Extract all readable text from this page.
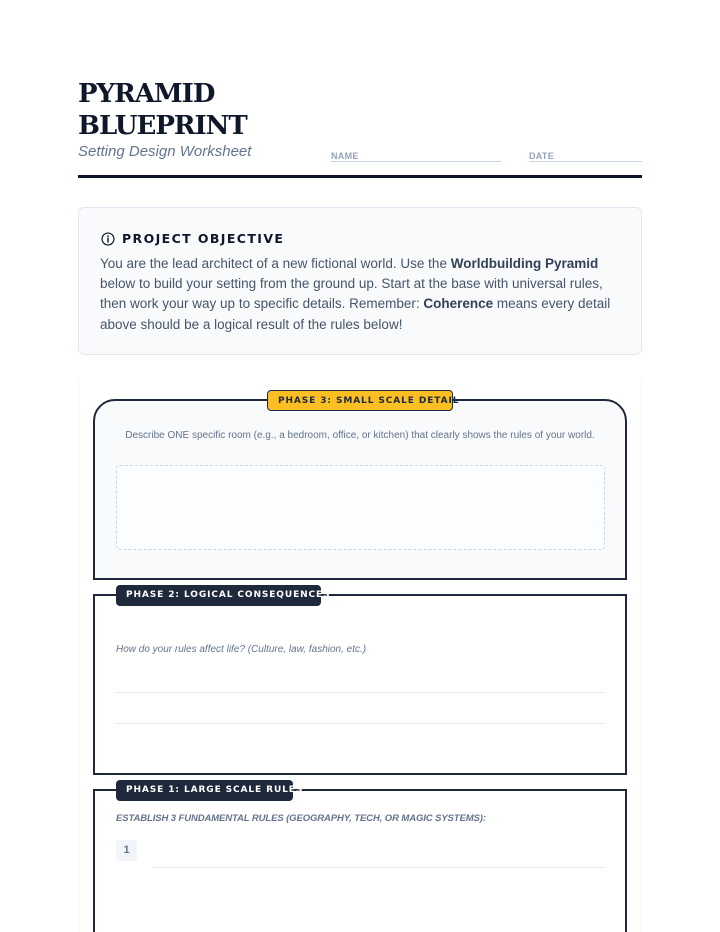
PYRAMID BLUEPRINT
Setting Design Worksheet	NAME	DATE
PROJECT OBJECTIVE

You are the lead architect of a new fictional world. Use the Worldbuilding Pyramid below to build your setting from the ground up. Start at the base with universal rules, then work your way up to specific details. Remember: Coherence means every detail above should be a logical result of the rules below!

PHASE 3: SMALL SCALE DETAIL
Describe ONE specific room (e.g., a bedroom, office, or kitchen) that clearly shows the rules of your world.
PHASE 2: LOGICAL CONSEQUENCES
How do your rules affect life? (Culture, law, fashion, etc.)
PHASE 1: LARGE SCALE RULES
ESTABLISH 3 FUNDAMENTAL RULES (GEOGRAPHY, TECH, OR MAGIC SYSTEMS):
1
